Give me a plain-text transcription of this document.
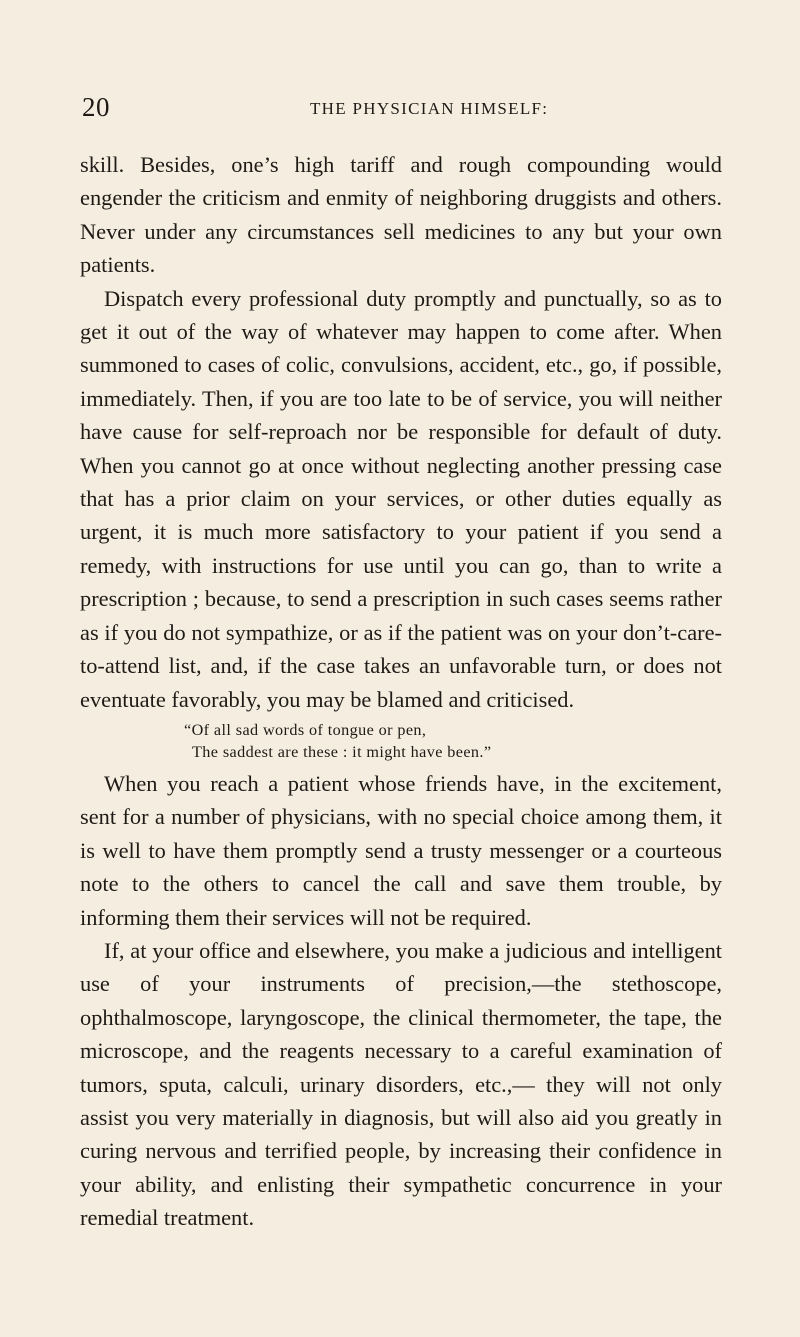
20	THE PHYSICIAN HIMSELF:

skill. Besides, one’s high tariff and rough compounding would engender the criticism and enmity of neighboring druggists and others. Never under any circumstances sell medicines to any but your own patients.

Dispatch every professional duty promptly and punctually, so as to get it out of the way of whatever may happen to come after. When summoned to cases of colic, convulsions, accident, etc., go, if possible, immediately. Then, if you are too late to be of service, you will neither have cause for self-reproach nor be responsible for default of duty. When you cannot go at once without neglecting another pressing case that has a prior claim on your services, or other duties equally as urgent, it is much more satisfactory to your patient if you send a remedy, with instructions for use until you can go, than to write a prescription ; because, to send a prescription in such cases seems rather as if you do not sympathize, or as if the patient was on your don’t-care-to-attend list, and, if the case takes an unfavorable turn, or does not eventuate favorably, you may be blamed and criticised.

“Of all sad words of tongue or pen,
The saddest are these : it might have been.”

When you reach a patient whose friends have, in the excitement, sent for a number of physicians, with no special choice among them, it is well to have them promptly send a trusty messenger or a courteous note to the others to cancel the call and save them trouble, by informing them their services will not be required.

If, at your office and elsewhere, you make a judicious and intelligent use of your instruments of precision,—the stethoscope, ophthalmoscope, laryngoscope, the clinical thermometer, the tape, the microscope, and the reagents necessary to a careful examination of tumors, sputa, calculi, urinary disorders, etc.,— they will not only assist you very materially in diagnosis, but will also aid you greatly in curing nervous and terrified people, by increasing their confidence in your ability, and enlisting their sympathetic concurrence in your remedial treatment.
